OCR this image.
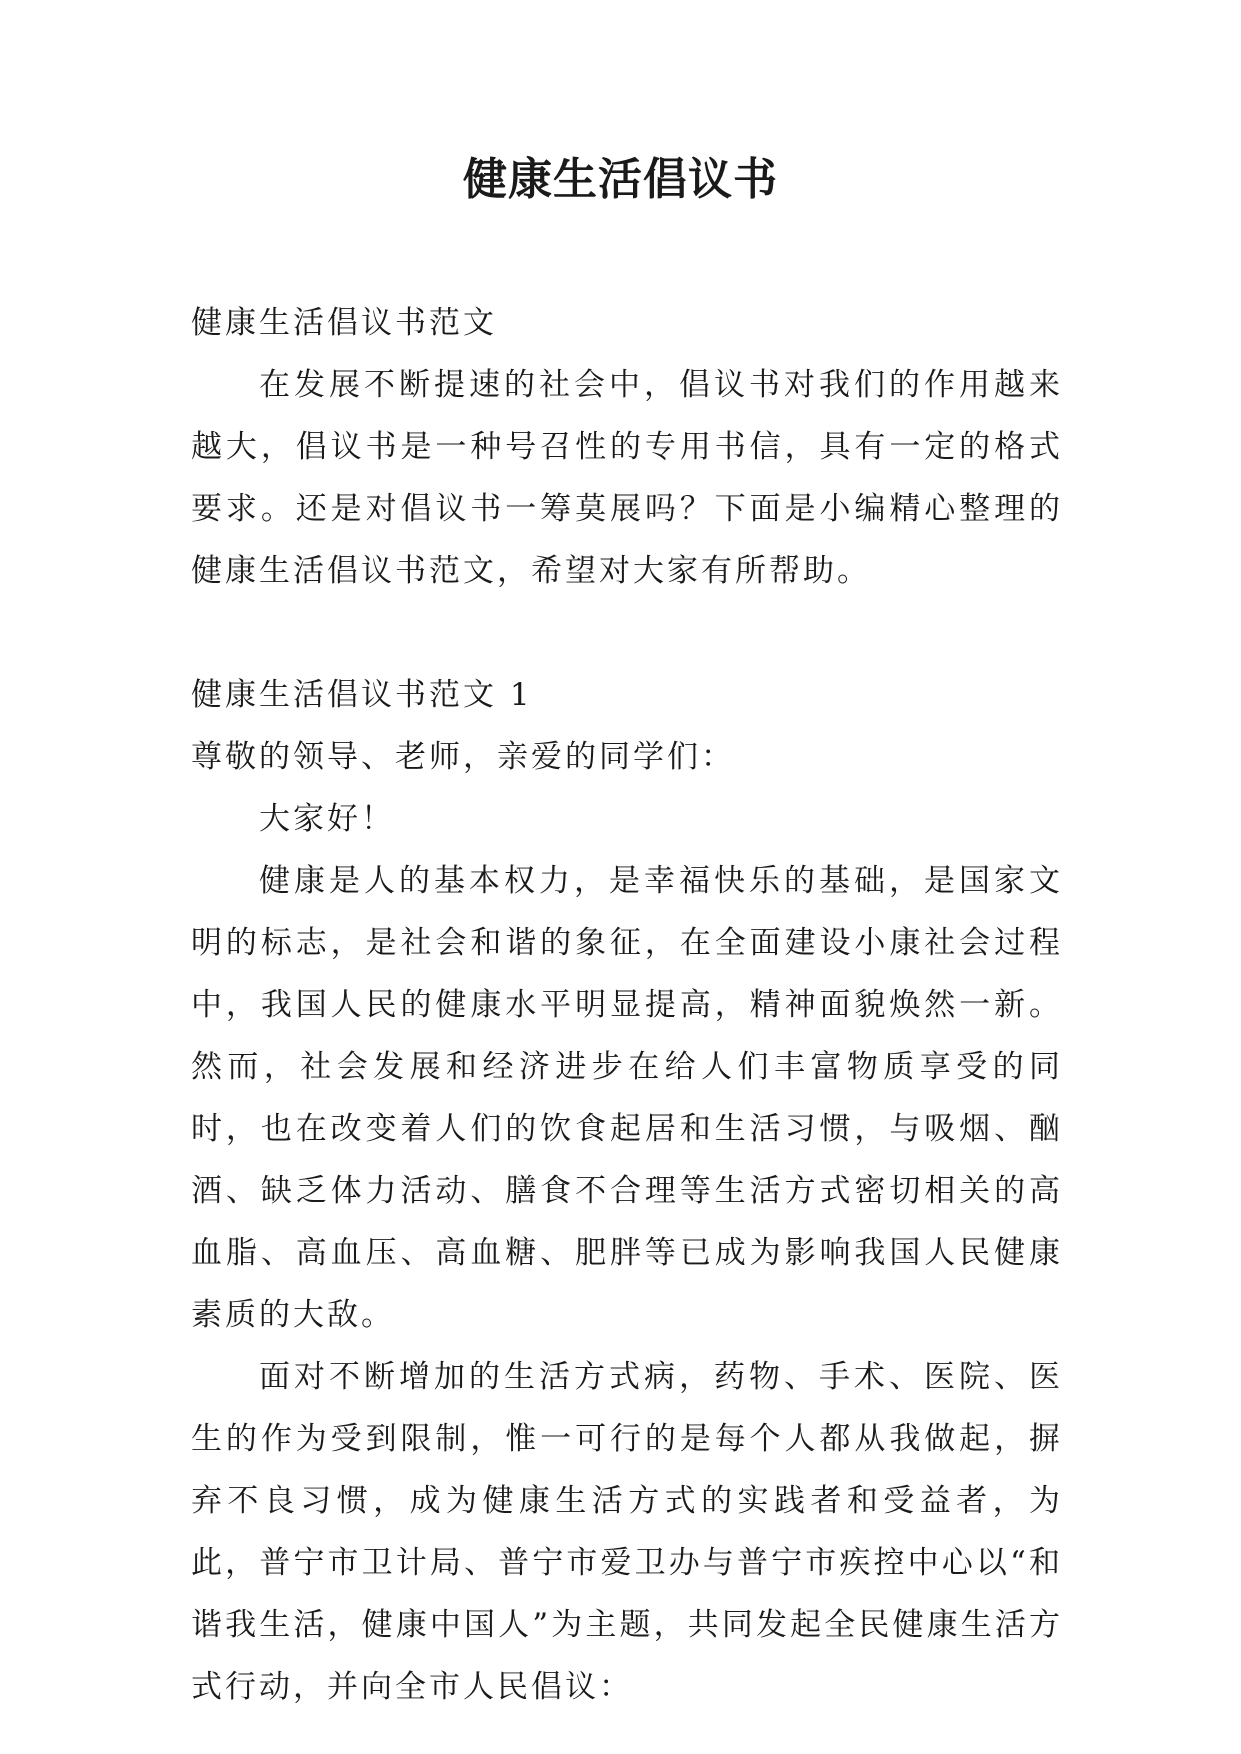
健康生活倡议书

健康生活倡议书范文

在发展不断提速的社会中，倡议书对我们的作用越来越大，倡议书是一种号召性的专用书信，具有一定的格式要求。还是对倡议书一筹莫展吗？下面是小编精心整理的健康生活倡议书范文，希望对大家有所帮助。

健康生活倡议书范文 1

尊敬的领导、老师，亲爱的同学们：

大家好！

健康是人的基本权力，是幸福快乐的基础，是国家文明的标志，是社会和谐的象征，在全面建设小康社会过程中，我国人民的健康水平明显提高，精神面貌焕然一新。然而，社会发展和经济进步在给人们丰富物质享受的同时，也在改变着人们的饮食起居和生活习惯，与吸烟、酗酒、缺乏体力活动、膳食不合理等生活方式密切相关的高血脂、高血压、高血糖、肥胖等已成为影响我国人民健康素质的大敌。

面对不断增加的生活方式病，药物、手术、医院、医生的作为受到限制，惟一可行的是每个人都从我做起，摒弃不良习惯，成为健康生活方式的实践者和受益者，为此，普宁市卫计局、普宁市爱卫办与普宁市疾控中心以“和谐我生活，健康中国人”为主题，共同发起全民健康生活方式行动，并向全市人民倡议：
